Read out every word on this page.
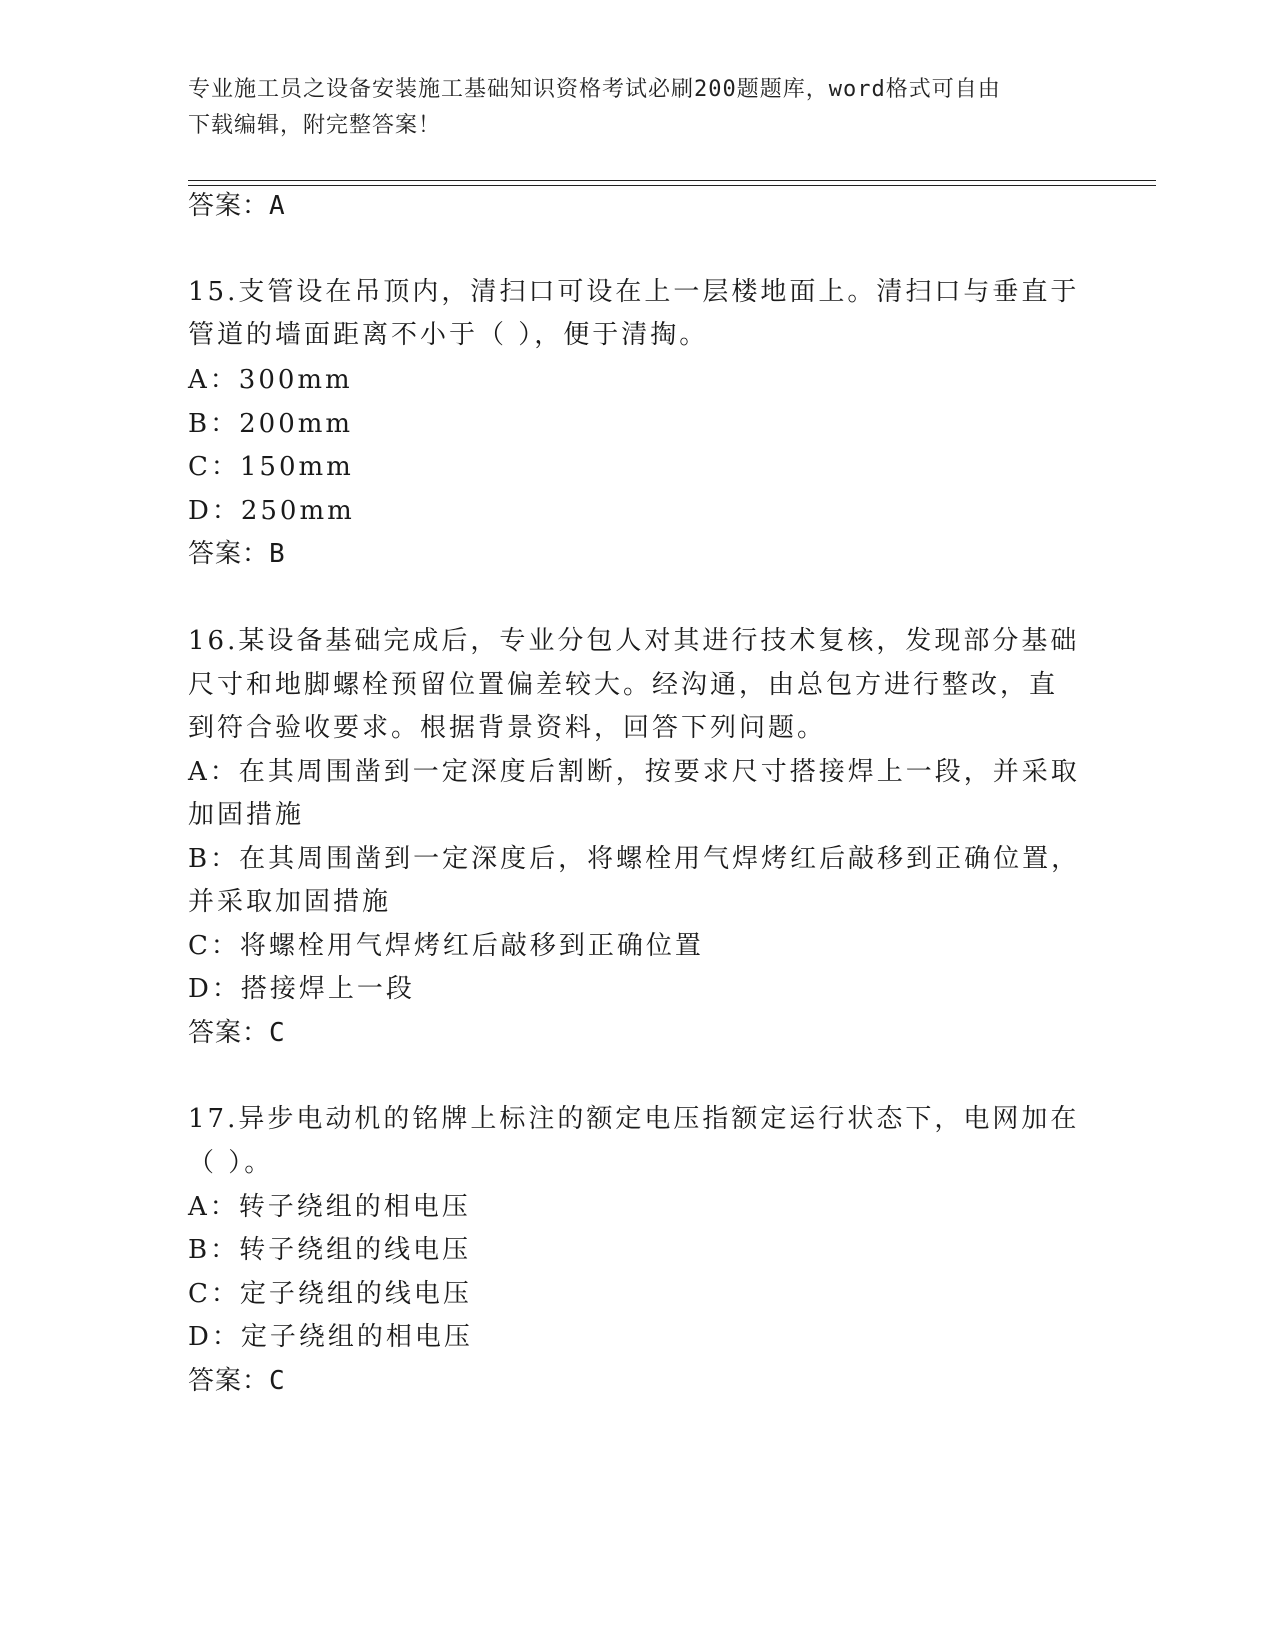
专业施工员之设备安装施工基础知识资格考试必刷200题题库，word格式可自由
下载编辑，附完整答案！
答案：A
15.支管设在吊顶内，清扫口可设在上一层楼地面上。清扫口与垂直于
管道的墙面距离不小于（ ），便于清掏。
A：300mm
B：200mm
C：150mm
D：250mm
答案：B
16.某设备基础完成后，专业分包人对其进行技术复核，发现部分基础
尺寸和地脚螺栓预留位置偏差较大。经沟通，由总包方进行整改，直
到符合验收要求。根据背景资料，回答下列问题。
A：在其周围凿到一定深度后割断，按要求尺寸搭接焊上一段，并采取
加固措施
B：在其周围凿到一定深度后，将螺栓用气焊烤红后敲移到正确位置，
并采取加固措施
C：将螺栓用气焊烤红后敲移到正确位置
D：搭接焊上一段
答案：C
17.异步电动机的铭牌上标注的额定电压指额定运行状态下，电网加在
（ ）。
A：转子绕组的相电压
B：转子绕组的线电压
C：定子绕组的线电压
D：定子绕组的相电压
答案：C
